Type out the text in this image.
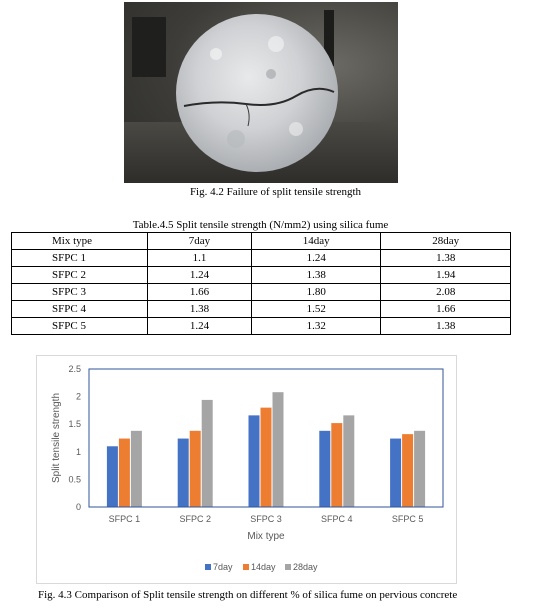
Fig. 4.2 Failure of split tensile strength
Table.4.5 Split tensile strength (N/mm2) using silica fume
Mix type	7day	14day	28day
SFPC 1	1.1	1.24	1.38
SFPC 2	1.24	1.38	1.94
SFPC 3	1.66	1.80	2.08
SFPC 4	1.38	1.52	1.66
SFPC 5	1.24	1.32	1.38
0
0.5
1
1.5
2
2.5
SFPC 1	SFPC 2	SFPC 3	SFPC 4	SFPC 5
Split tensile strength
Mix type
7day 14day 28day
Fig. 4.3 Comparison of Split tensile strength on different % of silica fume on pervious concrete
